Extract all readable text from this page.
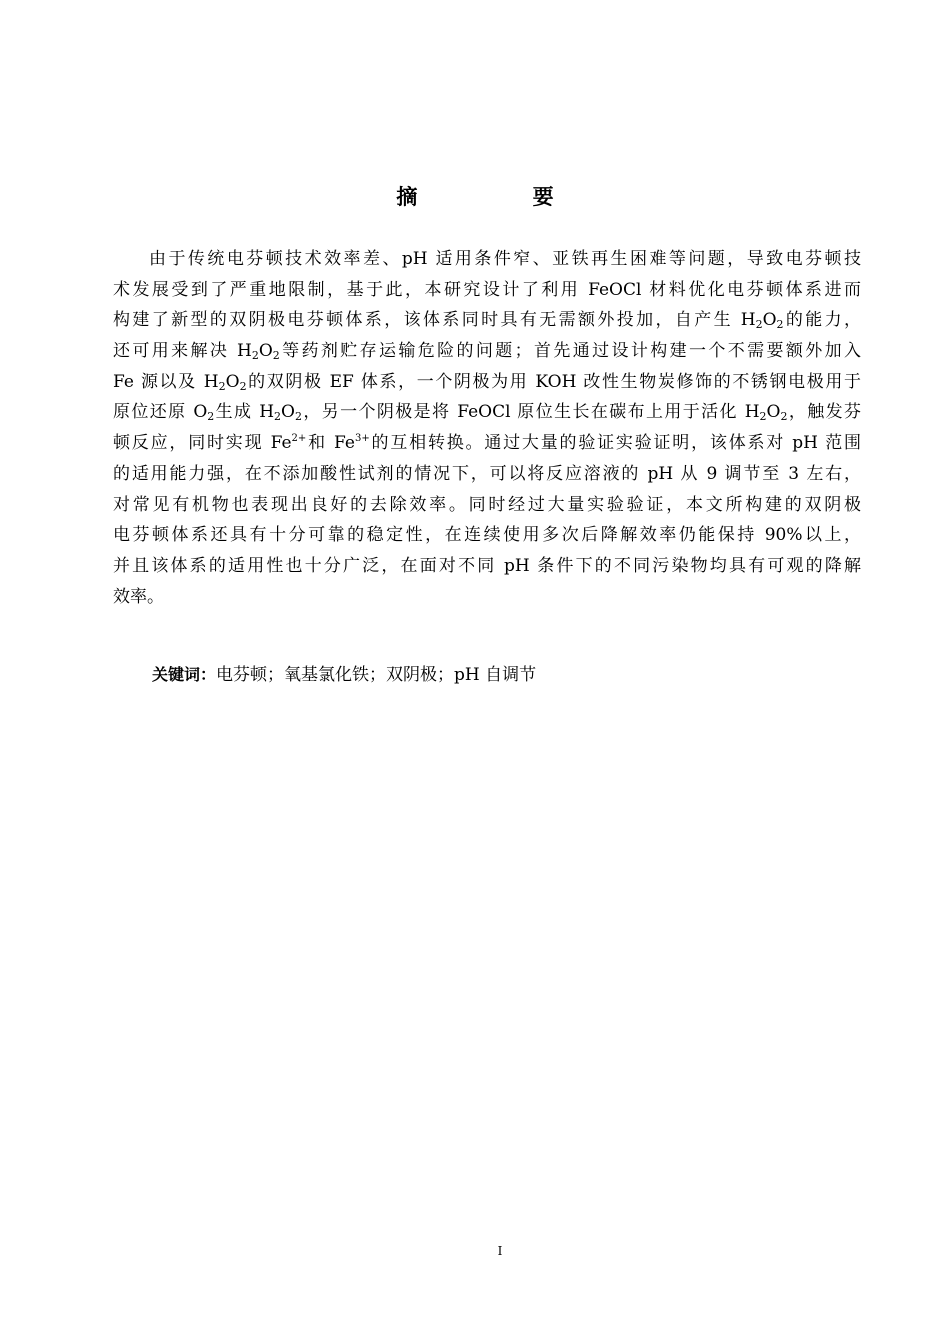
摘 要
由于传统电芬顿技术效率差、pH 适用条件窄、亚铁再生困难等问题，导致电芬顿技
术发展受到了严重地限制，基于此，本研究设计了利用 FeOCl 材料优化电芬顿体系进而
构建了新型的双阴极电芬顿体系，该体系同时具有无需额外投加，自产生 $H_2O_2$的能力，
还可用来解决 $H_2O_2$等药剂贮存运输危险的问题；首先通过设计构建一个不需要额外加入
Fe 源以及 $H_2O_2$的双阴极 EF 体系，一个阴极为用 KOH 改性生物炭修饰的不锈钢电极用于
原位还原 $O_2$生成 $H_2O_2$，另一个阴极是将 FeOCl 原位生长在碳布上用于活化 $H_2O_2$，触发芬
顿反应，同时实现 $Fe^{2+}$和 $Fe^{3+}$的互相转换。通过大量的验证实验证明，该体系对 pH 范围
的适用能力强，在不添加酸性试剂的情况下，可以将反应溶液的 pH 从 9 调节至 3 左右，
对常见有机物也表现出良好的去除效率。同时经过大量实验验证，本文所构建的双阴极
电芬顿体系还具有十分可靠的稳定性，在连续使用多次后降解效率仍能保持 90%以上，
并且该体系的适用性也十分广泛，在面对不同 pH 条件下的不同污染物均具有可观的降解
效率。
关键词：电芬顿；氧基氯化铁；双阴极；pH 自调节
I
